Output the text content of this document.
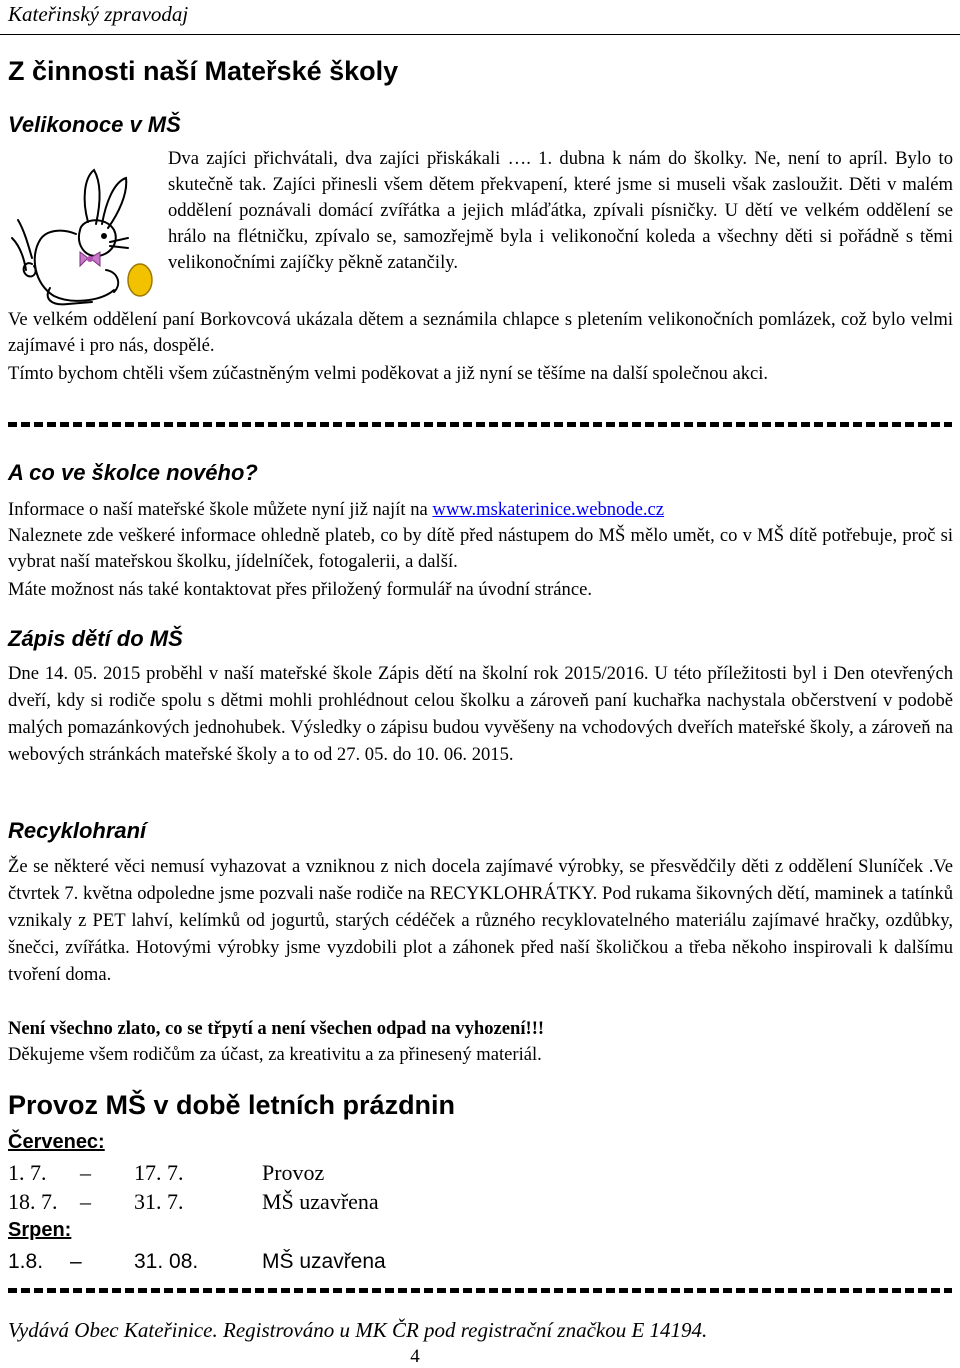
Kateřinský zpravodaj
Z činnosti naší Mateřské školy
Velikonoce v MŠ

Dva zajíci přichvátali, dva zajíci přiskákali …. 1. dubna k nám do školky. Ne, není to apríl. Bylo to skutečně tak. Zajíci přinesli všem dětem překvapení, které jsme si museli však zasloužit. Děti v malém oddělení poznávali domácí zvířátka a jejich mláďátka, zpívali písničky. U dětí ve velkém oddělení se hrálo na flétničku, zpívalo se, samozřejmě byla i velikonoční koleda a všechny děti si pořádně s těmi velikonočními zajíčky pěkně zatančily.

Ve velkém oddělení paní Borkovcová ukázala dětem a seznámila chlapce s pletením velikonočních pomlázek, což bylo velmi zajímavé i pro nás, dospělé.

Tímto bychom chtěli všem zúčastněným velmi poděkovat a již nyní se těšíme na další společnou akci.

A co ve školce nového?

Informace o naší mateřské škole můžete nyní již najít na www.mskaterinice.webnode.cz

Naleznete zde veškeré informace ohledně plateb, co by dítě před nástupem do MŠ mělo umět, co v MŠ dítě potřebuje, proč si vybrat naší mateřskou školku, jídelníček, fotogalerii, a další.

Máte možnost nás také kontaktovat přes přiložený formulář na úvodní stránce.

Zápis dětí do MŠ

Dne 14. 05. 2015 proběhl v naší mateřské škole Zápis dětí na školní rok 2015/2016. U této příležitosti byl i Den otevřených dveří, kdy si rodiče spolu s dětmi mohli prohlédnout celou školku a zároveň paní kuchařka nachystala občerstvení v podobě malých pomazánkových jednohubek. Výsledky o zápisu budou vyvěšeny na vchodových dveřích mateřské školy, a zároveň na webových stránkách mateřské školy a to od 27. 05. do 10. 06. 2015.

Recyklohraní

Že se některé věci nemusí vyhazovat a vzniknou z nich docela zajímavé výrobky, se přesvědčily děti z oddělení Sluníček .Ve čtvrtek 7. května odpoledne jsme pozvali naše rodiče na RECYKLOHRÁTKY. Pod rukama šikovných dětí, maminek a tatínků vznikaly z PET lahví, kelímků od jogurtů, starých cédéček a různého recyklovatelného materiálu zajímavé hračky, ozdůbky, šnečci, zvířátka. Hotovými výrobky jsme vyzdobili plot a záhonek před naší školičkou a třeba někoho inspirovali k dalšímu tvoření doma.

Není všechno zlato, co se třpytí a není všechen odpad na vyhození!!!

Děkujeme všem rodičům za účast, za kreativitu a za přinesený materiál.

Provoz MŠ v době letních prázdnin
Červenec:
1. 7. – 17. 7.	Provoz
18. 7. – 31. 7.	MŠ uzavřena
Srpen:
1.8. – 31. 08.	MŠ uzavřena
Vydává Obec Kateřinice. Registrováno u MK ČR pod registrační značkou E 14194.
4
